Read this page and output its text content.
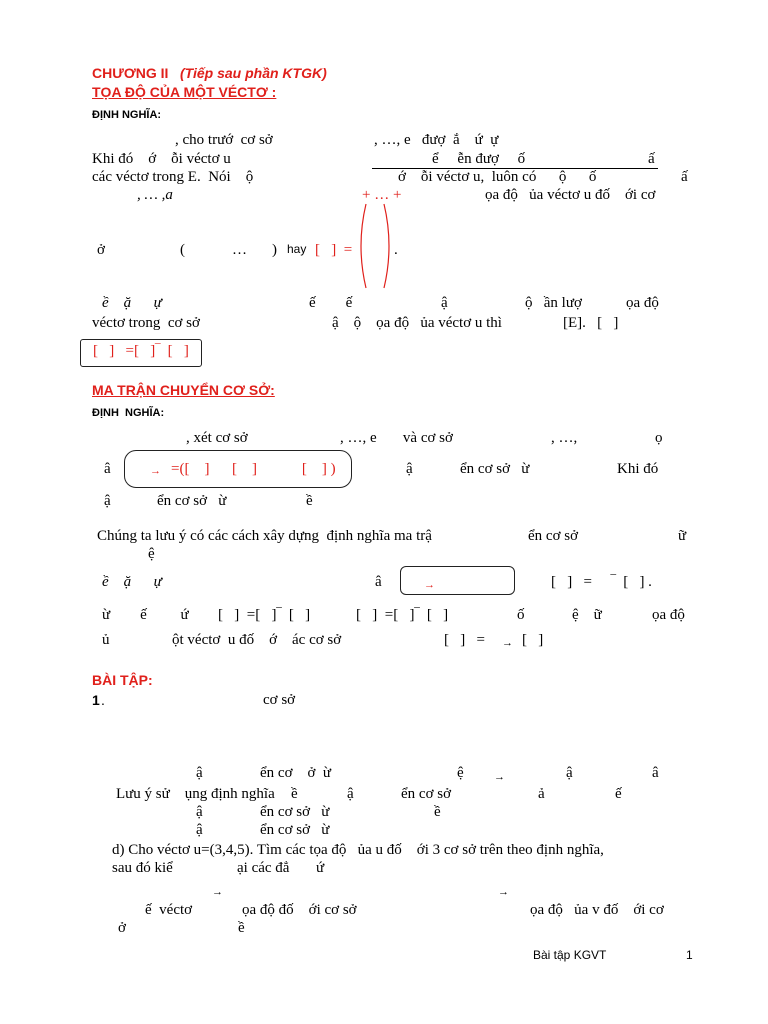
CHƯƠNG II (Tiếp sau phần KTGK)
TỌA ĐỘ CỦA MỘT VÉCTƠ :
ĐỊNH NGHĨA:
, cho trướ  cơ sở	, …, e   đượ  ắ    ứ  ự
Khi đó    ớ    ỗi véctơ u	ể     ễn đượ     ố	ấ
các véctơ trong E.  Nói    ộ	ớ    ỗi véctơ u,  luôn có      ộ      ố	ấ
, … ,a	+ … +	ọa độ   ủa véctơ u đố    ới cơ
ở	(	… ) hay [   ]  =	.
ề    ặ      ự	ế        ế	ậ	ộ   ần lượ	ọa độ
véctơ trong  cơ sở	ậ    ộ    ọa độ   ủa véctơ u thì	[E].   [   ]
[   ]   =[   ]‾  [   ]
MA TRẬN CHUYỂN CƠ SỞ:
ĐỊNH  NGHĨA:
, xét cơ sở	, …, e       và cơ sở	, …,	ọ
â	→ =([    ]      [    ]            [    ] )	ậ	ển cơ sở   ừ	Khi đó
ậ	ển cơ sở   ừ	ề
Chúng ta lưu ý có các cách xây dựng  định nghĩa ma trậ	ển cơ sở	ữ
ệ
ề    ặ      ự	â	→	[   ]   =     ‾  [   ] .
ừ        ế         ứ [   ]  =[   ]‾  [   ]	[   ]  =[   ]‾  [   ]	ố	ệ    ữ	ọa độ
ủ	ột véctơ  u đố    ớ    ác cơ sở	[   ]   = → [   ]
BÀI TẬP:
1 .	cơ sở
ậ	ển cơ    ở  ừ	ệ	→	ậ	â
Lưu ý sử    ụng định nghĩa ề	ậ	ển cơ sở	ả	ế
ậ	ển cơ sở   ừ	ề
ậ	ển cơ sở   ừ
d) Cho véctơ u=(3,4,5). Tìm các tọa độ   ủa u đố    ới 3 cơ sở trên theo định nghĩa,
sau đó kiể	ại các đẳ ứ
→	→
ế  véctơ	ọa độ đố    ới cơ sở	ọa độ   ủa v đố    ới cơ
ở	ề
Bài tập KGVT	1
